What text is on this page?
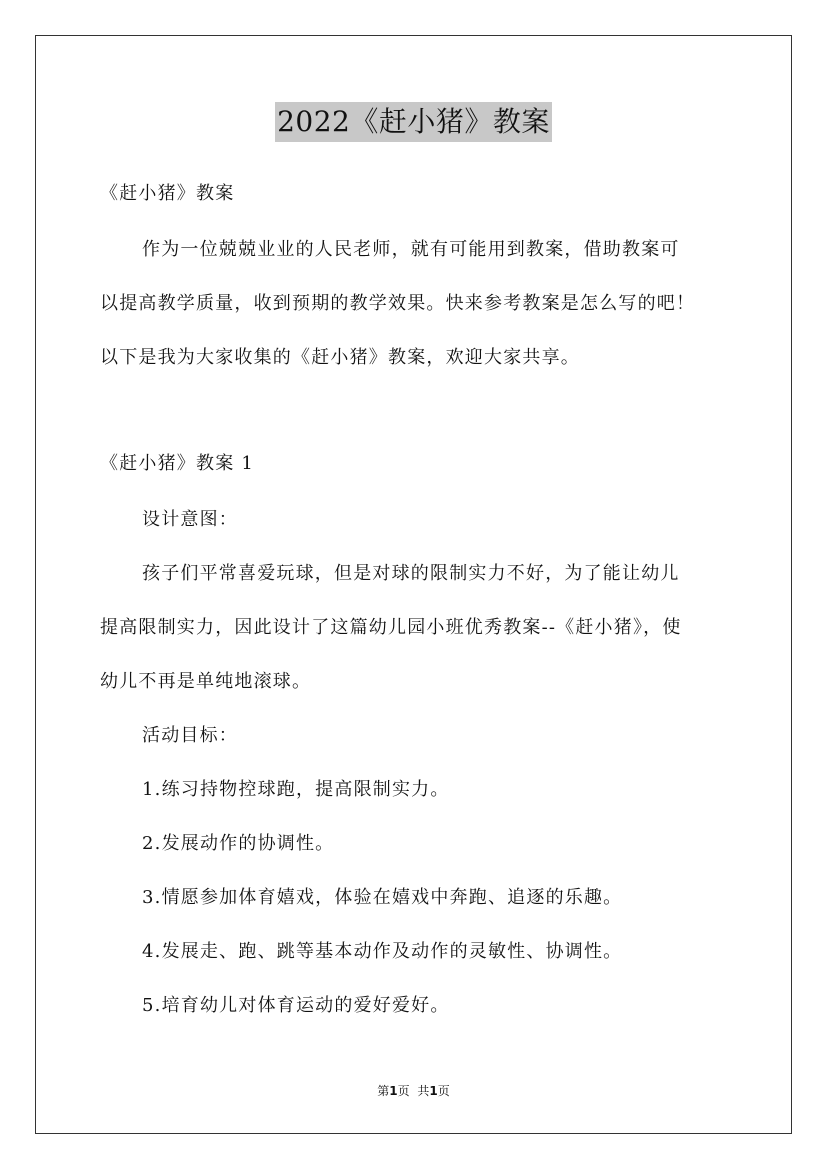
2022《赶小猪》教案
《赶小猪》教案
作为一位兢兢业业的人民老师，就有可能用到教案，借助教案可
以提高教学质量，收到预期的教学效果。快来参考教案是怎么写的吧！
以下是我为大家收集的《赶小猪》教案，欢迎大家共享。
《赶小猪》教案 1
设计意图：
孩子们平常喜爱玩球，但是对球的限制实力不好，为了能让幼儿
提高限制实力，因此设计了这篇幼儿园小班优秀教案--《赶小猪》，使
幼儿不再是单纯地滚球。
活动目标：
1.练习持物控球跑，提高限制实力。
2.发展动作的协调性。
3.情愿参加体育嬉戏，体验在嬉戏中奔跑、追逐的乐趣。
4.发展走、跑、跳等基本动作及动作的灵敏性、协调性。
5.培育幼儿对体育运动的爱好爱好。
第1页 共1页
